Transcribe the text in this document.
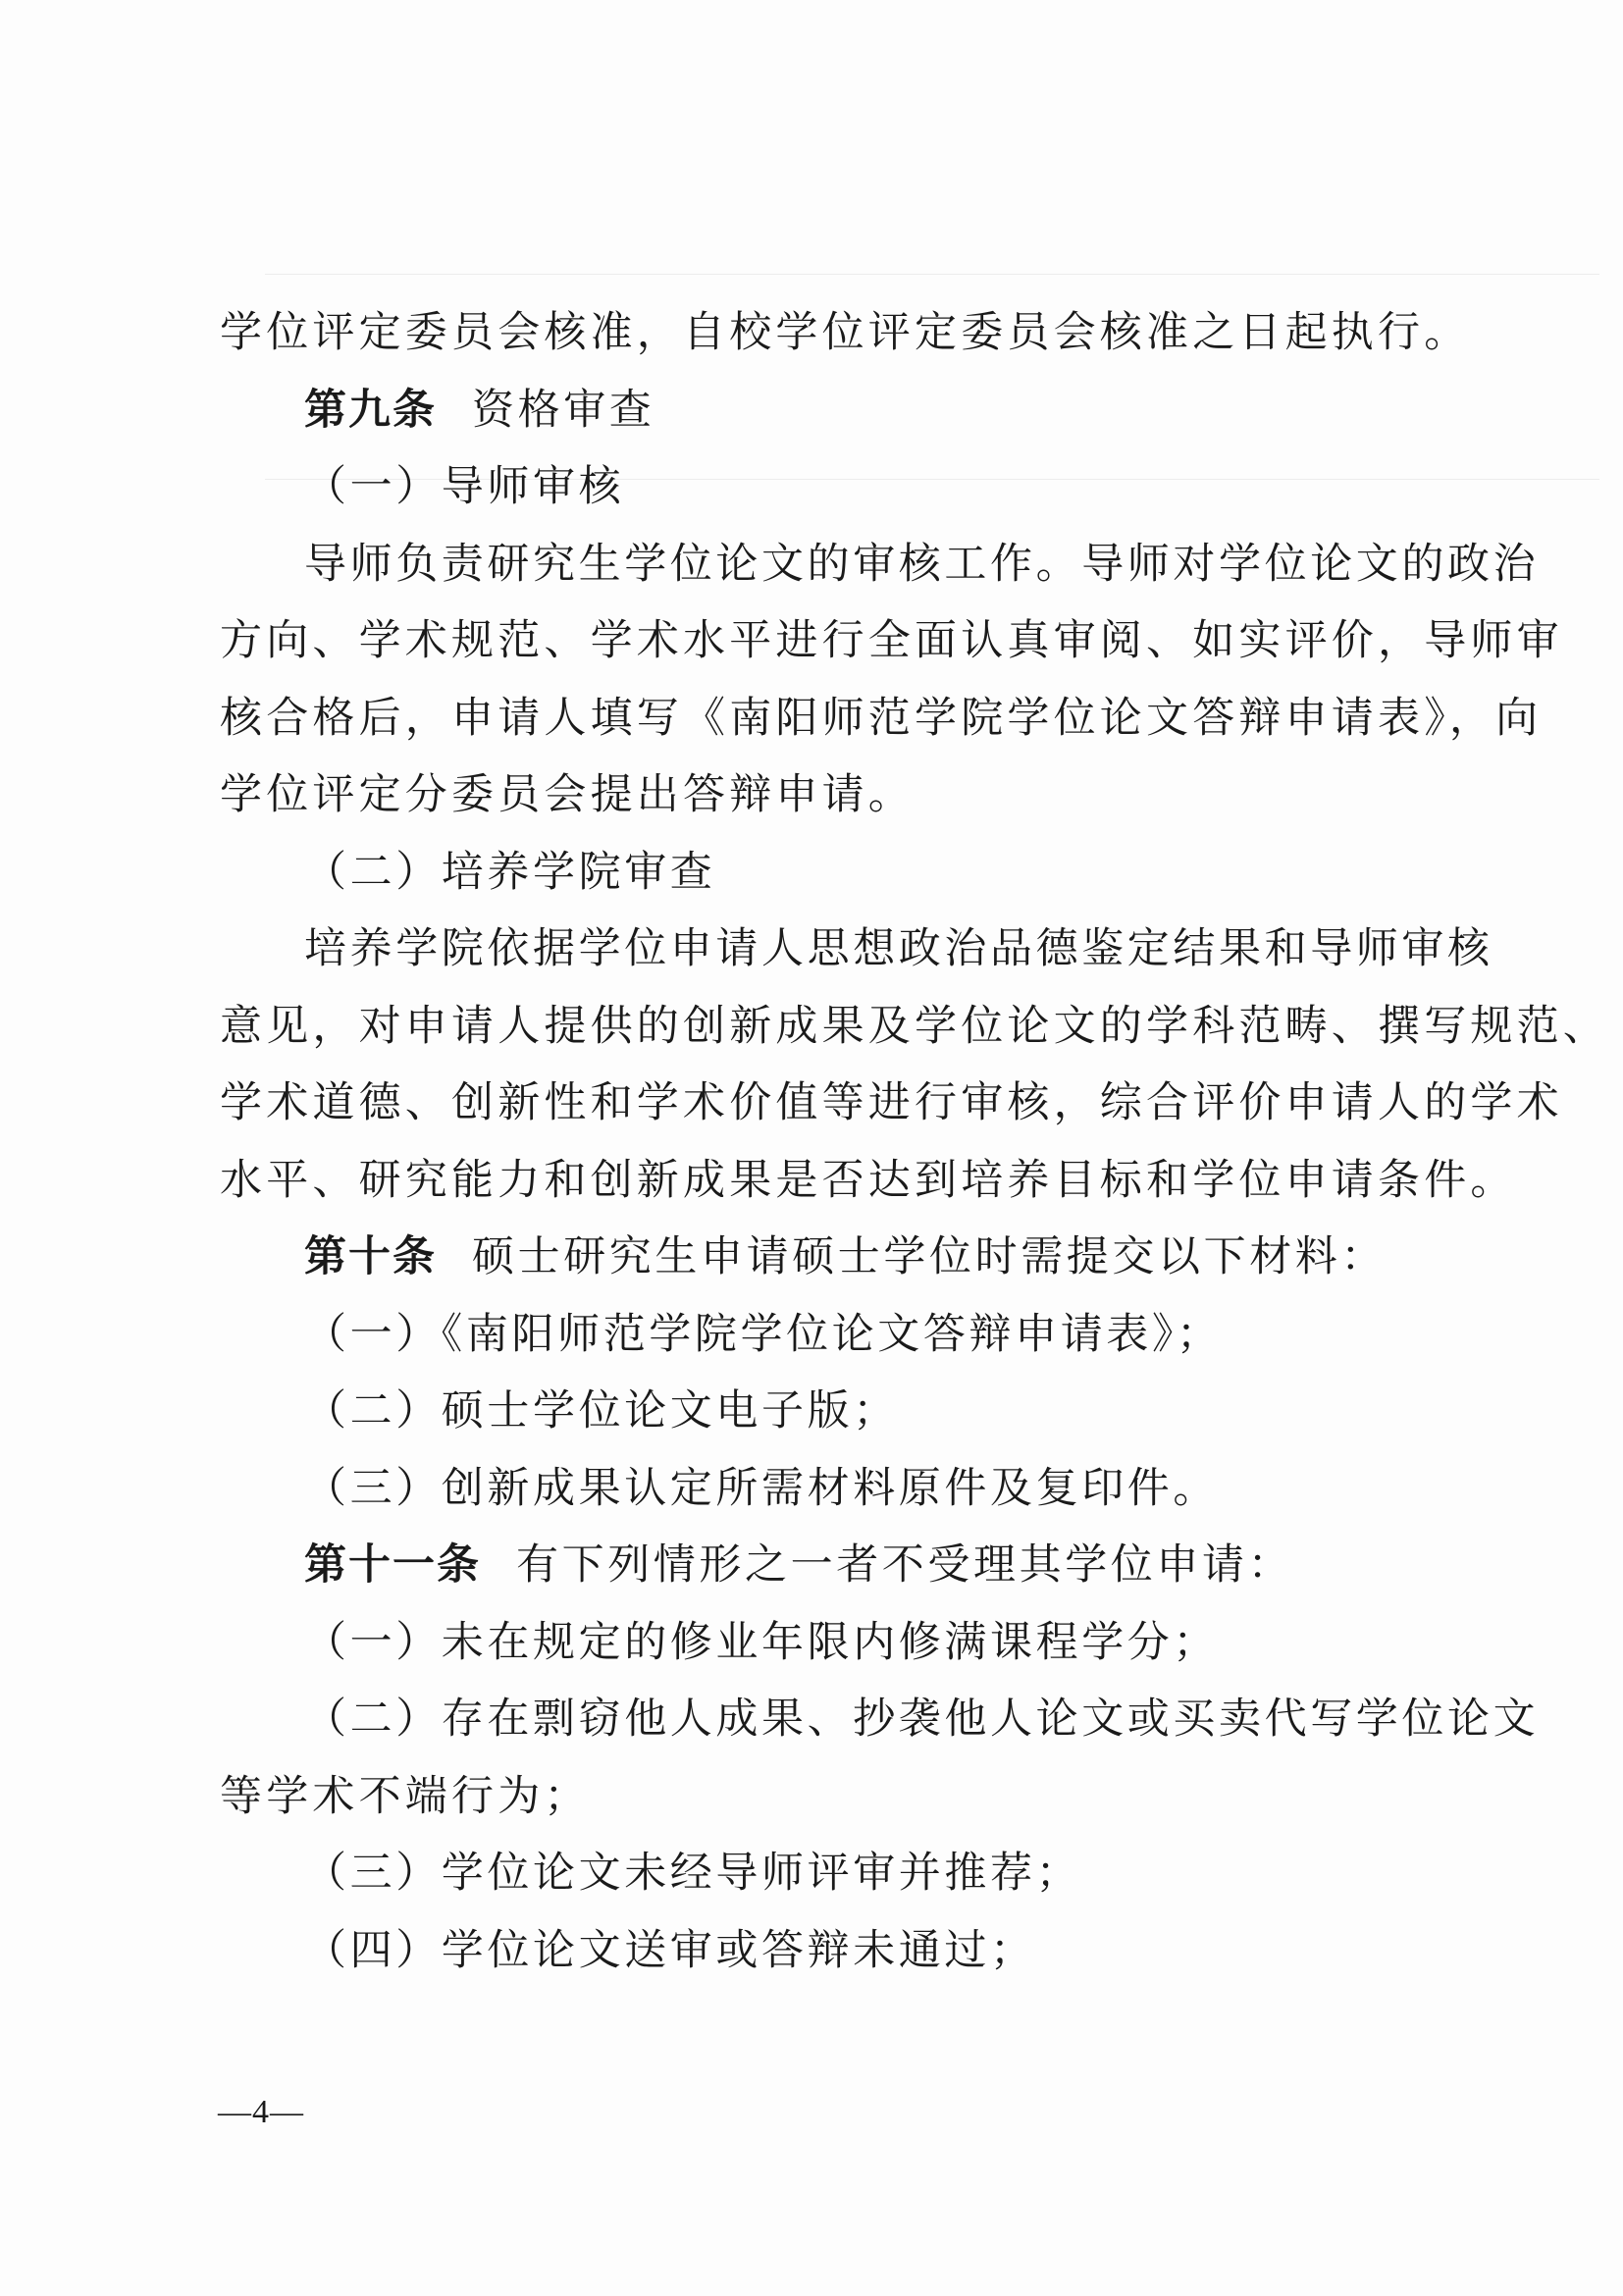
学位评定委员会核准，自校学位评定委员会核准之日起执行。
第九条 资格审查
（一）导师审核
导师负责研究生学位论文的审核工作。导师对学位论文的政治
方向、学术规范、学术水平进行全面认真审阅、如实评价，导师审
核合格后，申请人填写《南阳师范学院学位论文答辩申请表》，向
学位评定分委员会提出答辩申请。
（二）培养学院审查
培养学院依据学位申请人思想政治品德鉴定结果和导师审核
意见，对申请人提供的创新成果及学位论文的学科范畴、撰写规范、
学术道德、创新性和学术价值等进行审核，综合评价申请人的学术
水平、研究能力和创新成果是否达到培养目标和学位申请条件。
第十条 硕士研究生申请硕士学位时需提交以下材料：
（一）《南阳师范学院学位论文答辩申请表》；
（二）硕士学位论文电子版；
（三）创新成果认定所需材料原件及复印件。
第十一条 有下列情形之一者不受理其学位申请：
（一）未在规定的修业年限内修满课程学分；
（二）存在剽窃他人成果、抄袭他人论文或买卖代写学位论文
等学术不端行为；
（三）学位论文未经导师评审并推荐；
（四）学位论文送审或答辩未通过；
—4—
